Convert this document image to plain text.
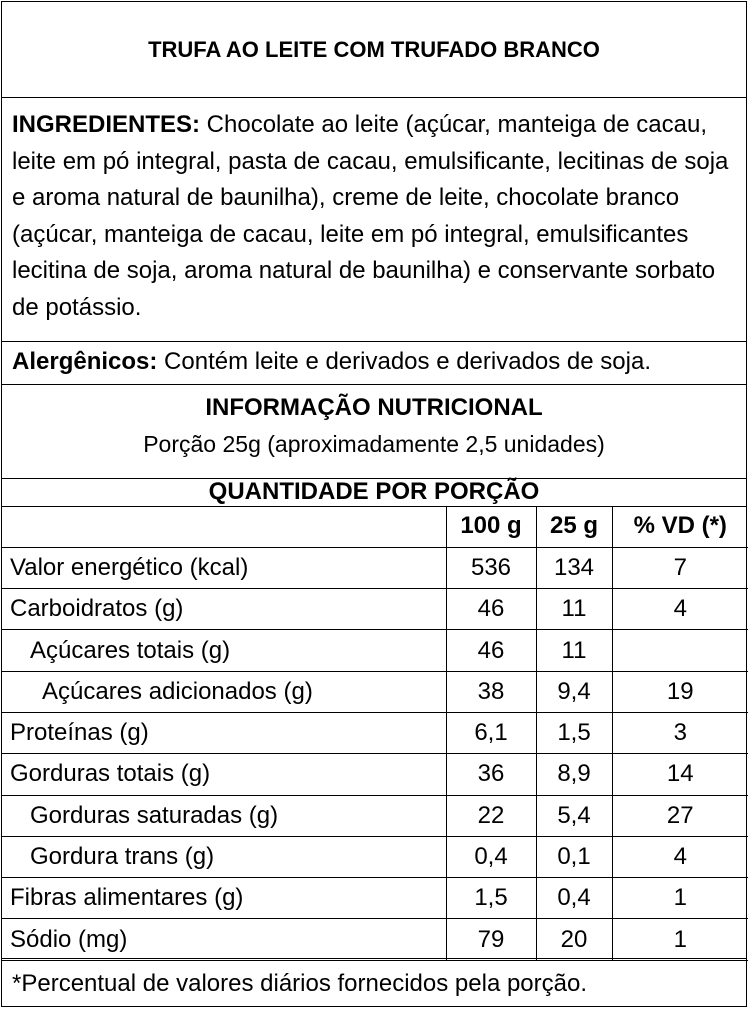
TRUFA AO LEITE COM TRUFADO BRANCO
INGREDIENTES: Chocolate ao leite (açúcar, manteiga de cacau, leite em pó integral, pasta de cacau, emulsificante, lecitinas de soja e aroma natural de baunilha), creme de leite, chocolate branco (açúcar, manteiga de cacau, leite em pó integral, emulsificantes lecitina de soja, aroma natural de baunilha) e conservante sorbato de potássio.
Alergênicos: Contém leite e derivados e derivados de soja.
INFORMAÇÃO NUTRICIONAL
Porção 25g (aproximadamente 2,5 unidades)
QUANTIDADE POR PORÇÃO
	100 g	25 g	% VD (*)
Valor energético (kcal)	536	134	7
Carboidratos (g)	46	11	4
Açúcares totais (g)	46	11	
Açúcares adicionados (g)	38	9,4	19
Proteínas (g)	6,1	1,5	3
Gorduras totais (g)	36	8,9	14
Gorduras saturadas (g)	22	5,4	27
Gordura trans (g)	0,4	0,1	4
Fibras alimentares (g)	1,5	0,4	1
Sódio (mg)	79	20	1
*Percentual de valores diários fornecidos pela porção.
